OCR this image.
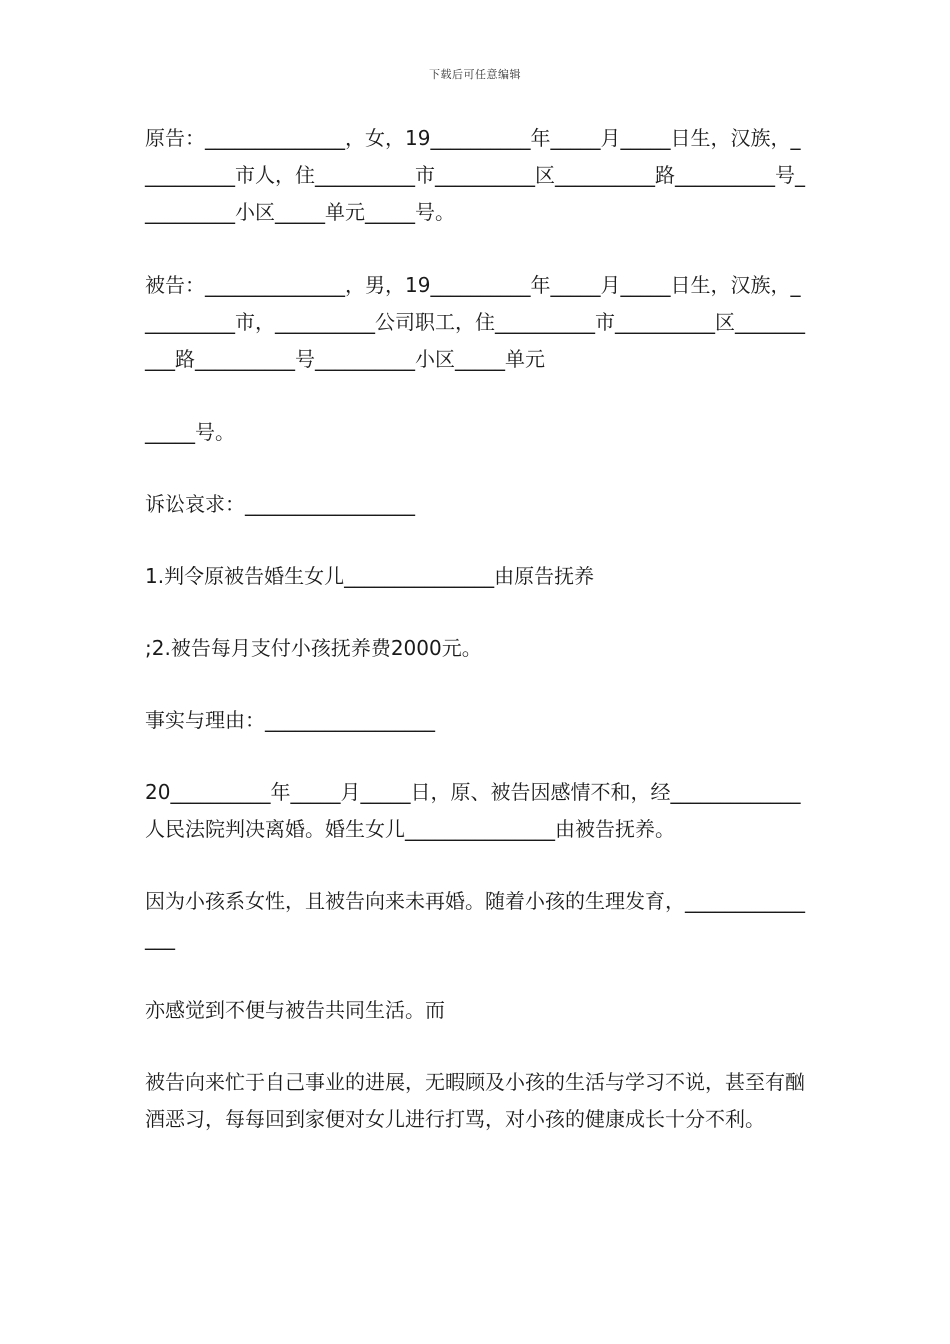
下载后可任意编辑

原告：______________，女，19__________年_____月_____日生，汉族，__________市人，住__________市__________区__________路__________号__________小区_____单元_____号。

被告：______________，男，19__________年_____月_____日生，汉族，__________市，__________公司职工，住__________市__________区__________路__________号__________小区_____单元

_____号。

诉讼哀求：_________________

1.判令原被告婚生女儿_______________由原告抚养

;2.被告每月支付小孩抚养费2000元。

事实与理由：_________________

20__________年_____月_____日，原、被告因感情不和，经_____________人民法院判决离婚。婚生女儿_______________由被告抚养。

因为小孩系女性，且被告向来未再婚。随着小孩的生理发育，_______________

亦感觉到不便与被告共同生活。而

被告向来忙于自己事业的进展，无暇顾及小孩的生活与学习不说，甚至有酗酒恶习，每每回到家便对女儿进行打骂，对小孩的健康成长十分不利。
